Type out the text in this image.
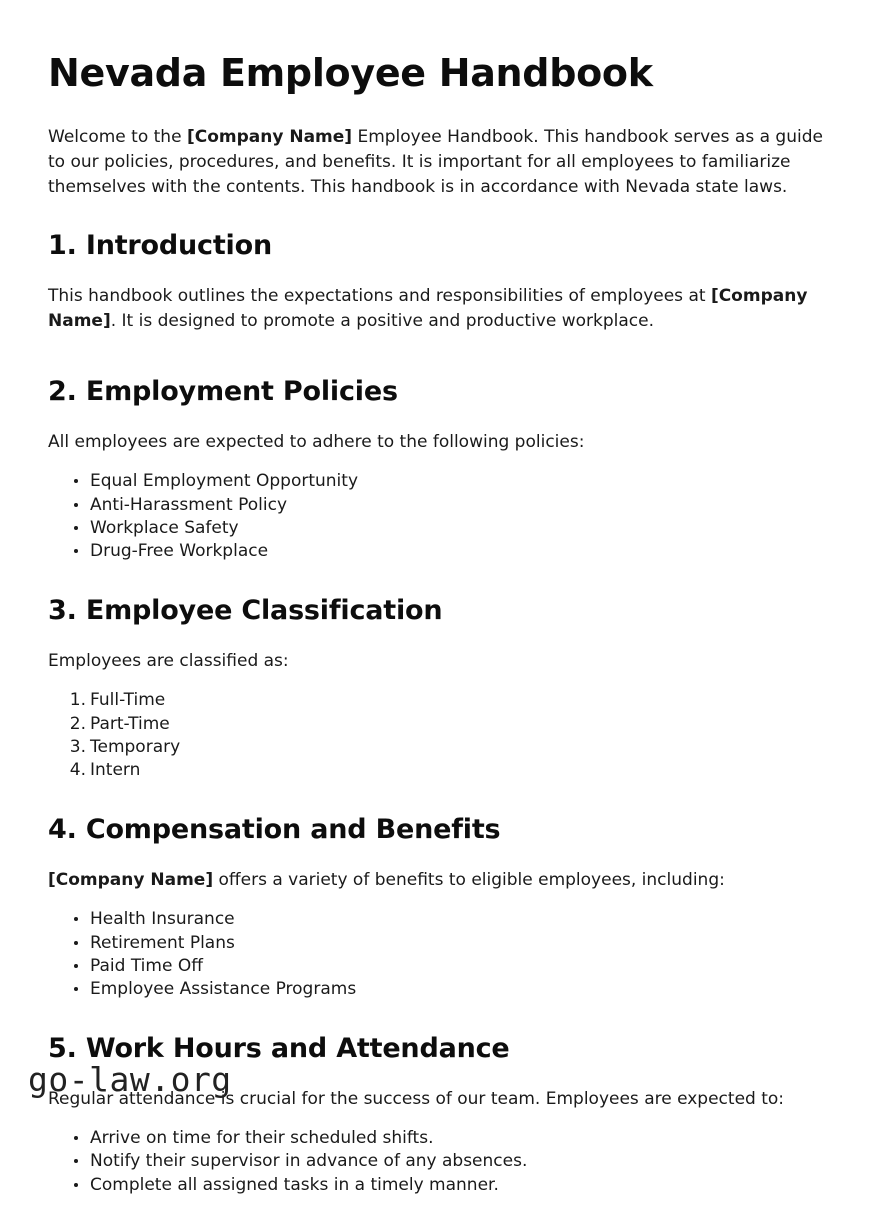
Nevada Employee Handbook

Welcome to the [Company Name] Employee Handbook. This handbook serves as a guide to our policies, procedures, and benefits. It is important for all employees to familiarize themselves with the contents. This handbook is in accordance with Nevada state laws.

1. Introduction

This handbook outlines the expectations and responsibilities of employees at [Company Name]. It is designed to promote a positive and productive workplace.

2. Employment Policies

All employees are expected to adhere to the following policies:

Equal Employment Opportunity
Anti-Harassment Policy
Workplace Safety
Drug-Free Workplace
3. Employee Classification

Employees are classified as:

Full-Time
Part-Time
Temporary
Intern
4. Compensation and Benefits

[Company Name] offers a variety of benefits to eligible employees, including:

Health Insurance
Retirement Plans
Paid Time Off
Employee Assistance Programs
5. Work Hours and Attendance

Regular attendance is crucial for the success of our team. Employees are expected to:

Arrive on time for their scheduled shifts.
Notify their supervisor in advance of any absences.
Complete all assigned tasks in a timely manner.
go-law.org
